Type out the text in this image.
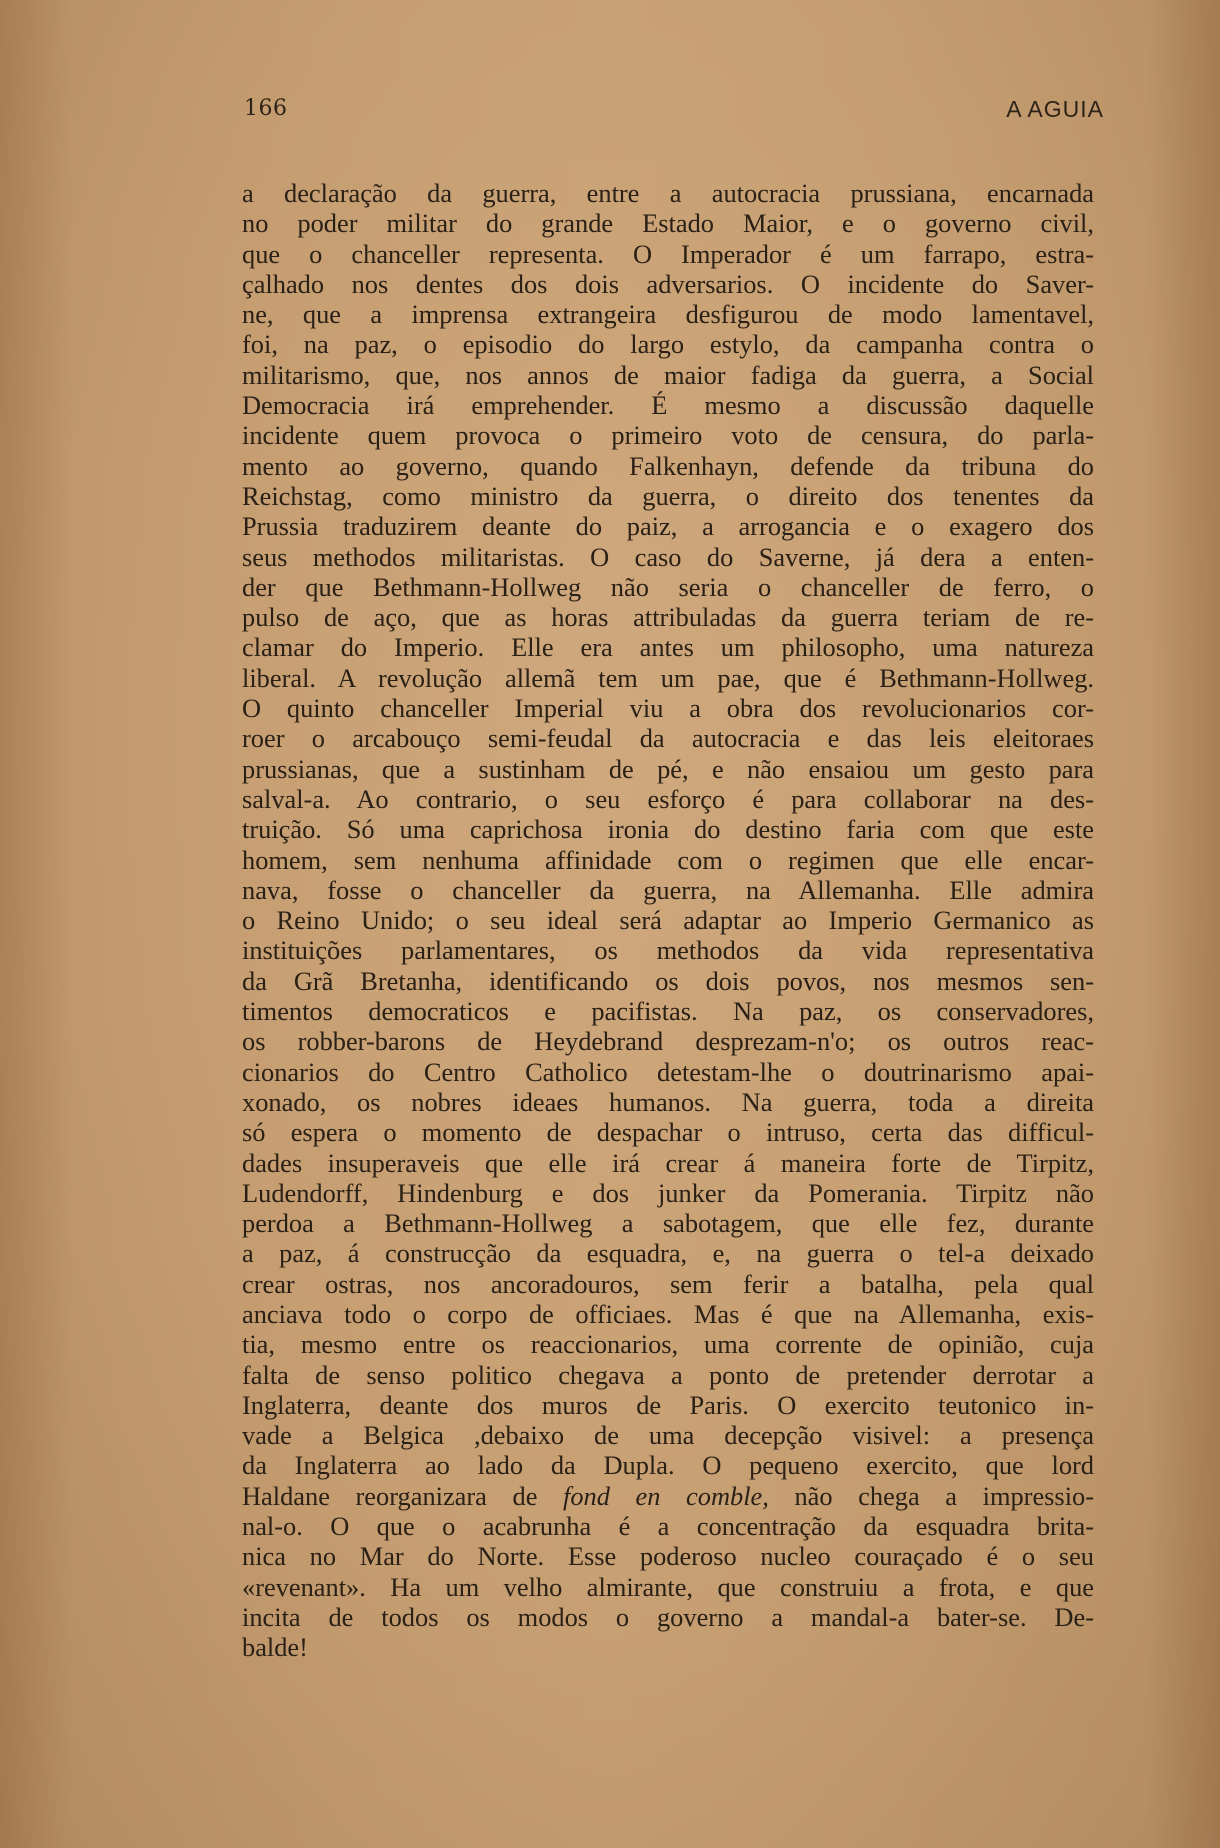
166	A AGUIA
a declaração da guerra, entre a autocracia prussiana, encarnada
no poder militar do grande Estado Maior, e o governo civil,
que o chanceller representa. O Imperador é um farrapo, estra-
çalhado nos dentes dos dois adversarios. O incidente do Saver-
ne, que a imprensa extrangeira desfigurou de modo lamentavel,
foi, na paz, o episodio do largo estylo, da campanha contra o
militarismo, que, nos annos de maior fadiga da guerra, a Social
Democracia irá emprehender. É mesmo a discussão daquelle
incidente quem provoca o primeiro voto de censura, do parla-
mento ao governo, quando Falkenhayn, defende da tribuna do
Reichstag, como ministro da guerra, o direito dos tenentes da
Prussia traduzirem deante do paiz, a arrogancia e o exagero dos
seus methodos militaristas. O caso do Saverne, já dera a enten-
der que Bethmann-Hollweg não seria o chanceller de ferro, o
pulso de aço, que as horas attribuladas da guerra teriam de re-
clamar do Imperio. Elle era antes um philosopho, uma natureza
liberal. A revolução allemã tem um pae, que é Bethmann-Hollweg.
O quinto chanceller Imperial viu a obra dos revolucionarios cor-
roer o arcabouço semi-feudal da autocracia e das leis eleitoraes
prussianas, que a sustinham de pé, e não ensaiou um gesto para
salval-a. Ao contrario, o seu esforço é para collaborar na des-
truição. Só uma caprichosa ironia do destino faria com que este
homem, sem nenhuma affinidade com o regimen que elle encar-
nava, fosse o chanceller da guerra, na Allemanha. Elle admira
o Reino Unido; o seu ideal será adaptar ao Imperio Germanico as
instituições parlamentares, os methodos da vida representativa
da Grã Bretanha, identificando os dois povos, nos mesmos sen-
timentos democraticos e pacifistas. Na paz, os conservadores,
os robber-barons de Heydebrand desprezam-n'o; os outros reac-
cionarios do Centro Catholico detestam-lhe o doutrinarismo apai-
xonado, os nobres ideaes humanos. Na guerra, toda a direita
só espera o momento de despachar o intruso, certa das difficul-
dades insuperaveis que elle irá crear á maneira forte de Tirpitz,
Ludendorff, Hindenburg e dos junker da Pomerania. Tirpitz não
perdoa a Bethmann-Hollweg a sabotagem, que elle fez, durante
a paz, á construcção da esquadra, e, na guerra o tel-a deixado
crear ostras, nos ancoradouros, sem ferir a batalha, pela qual
anciava todo o corpo de officiaes. Mas é que na Allemanha, exis-
tia, mesmo entre os reaccionarios, uma corrente de opinião, cuja
falta de senso politico chegava a ponto de pretender derrotar a
Inglaterra, deante dos muros de Paris. O exercito teutonico in-
vade a Belgica ,debaixo de uma decepção visivel: a presença
da Inglaterra ao lado da Dupla. O pequeno exercito, que lord
Haldane reorganizara de fond en comble, não chega a impressio-
nal-o. O que o acabrunha é a concentração da esquadra brita-
nica no Mar do Norte. Esse poderoso nucleo couraçado é o seu
«revenant». Ha um velho almirante, que construiu a frota, e que
incita de todos os modos o governo a mandal-a bater-se. De-
balde!
